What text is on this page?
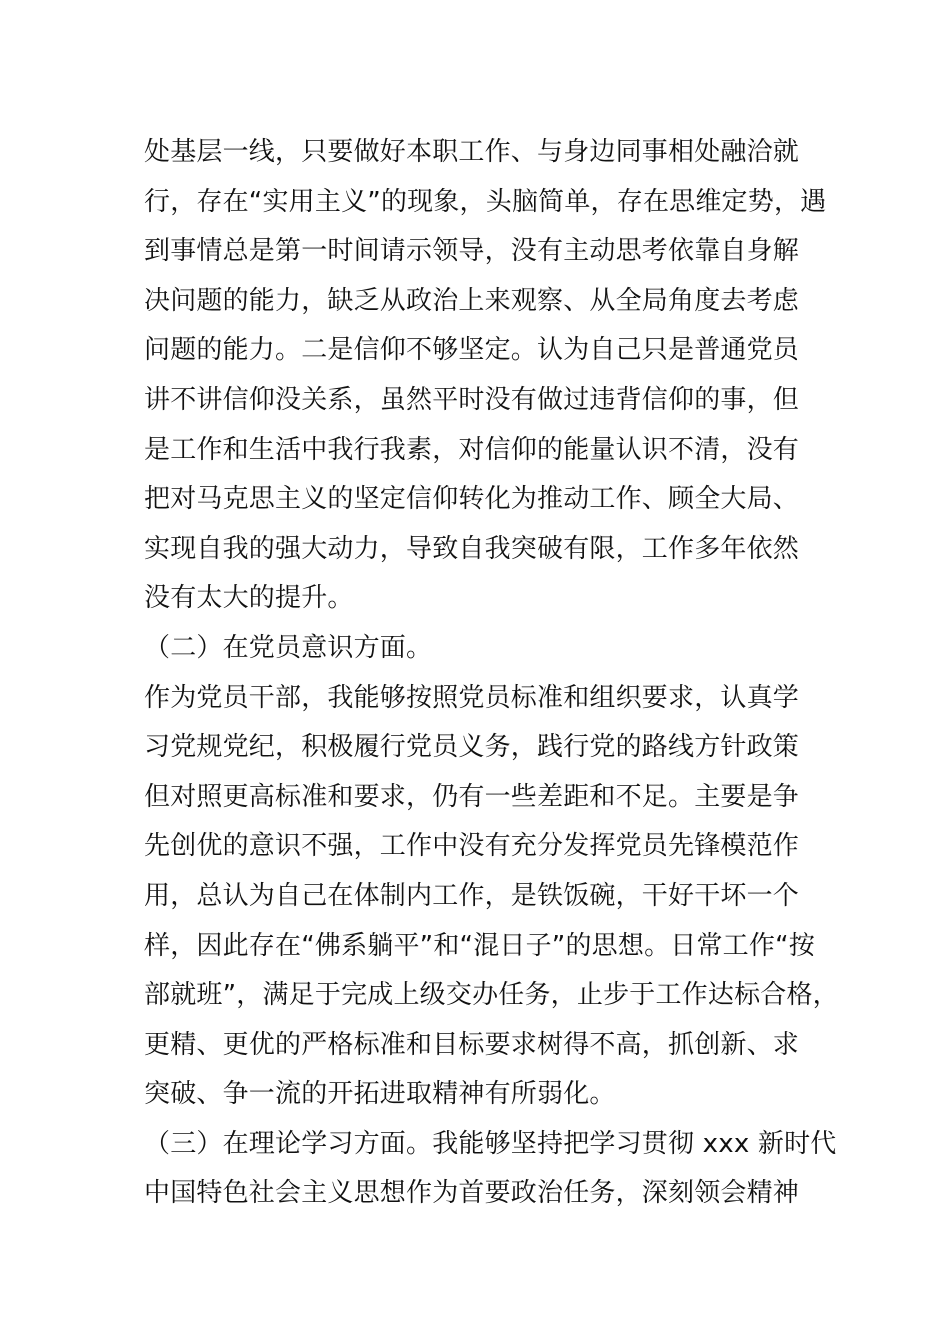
处基层一线，只要做好本职工作、与身边同事相处融洽就
行，存在“实用主义”的现象，头脑简单，存在思维定势，遇
到事情总是第一时间请示领导，没有主动思考依靠自身解
决问题的能力，缺乏从政治上来观察、从全局角度去考虑
问题的能力。二是信仰不够坚定。认为自己只是普通党员
讲不讲信仰没关系，虽然平时没有做过违背信仰的事，但
是工作和生活中我行我素，对信仰的能量认识不清，没有
把对马克思主义的坚定信仰转化为推动工作、顾全大局、
实现自我的强大动力，导致自我突破有限，工作多年依然
没有太大的提升。
（二）在党员意识方面。
作为党员干部，我能够按照党员标准和组织要求，认真学
习党规党纪，积极履行党员义务，践行党的路线方针政策
但对照更高标准和要求，仍有一些差距和不足。主要是争
先创优的意识不强，工作中没有充分发挥党员先锋模范作
用，总认为自己在体制内工作，是铁饭碗，干好干坏一个
样，因此存在“佛系躺平”和“混日子”的思想。日常工作“按
部就班”，满足于完成上级交办任务，止步于工作达标合格，
更精、更优的严格标准和目标要求树得不高，抓创新、求
突破、争一流的开拓进取精神有所弱化。
（三）在理论学习方面。我能够坚持把学习贯彻 xxx 新时代
中国特色社会主义思想作为首要政治任务，深刻领会精神
